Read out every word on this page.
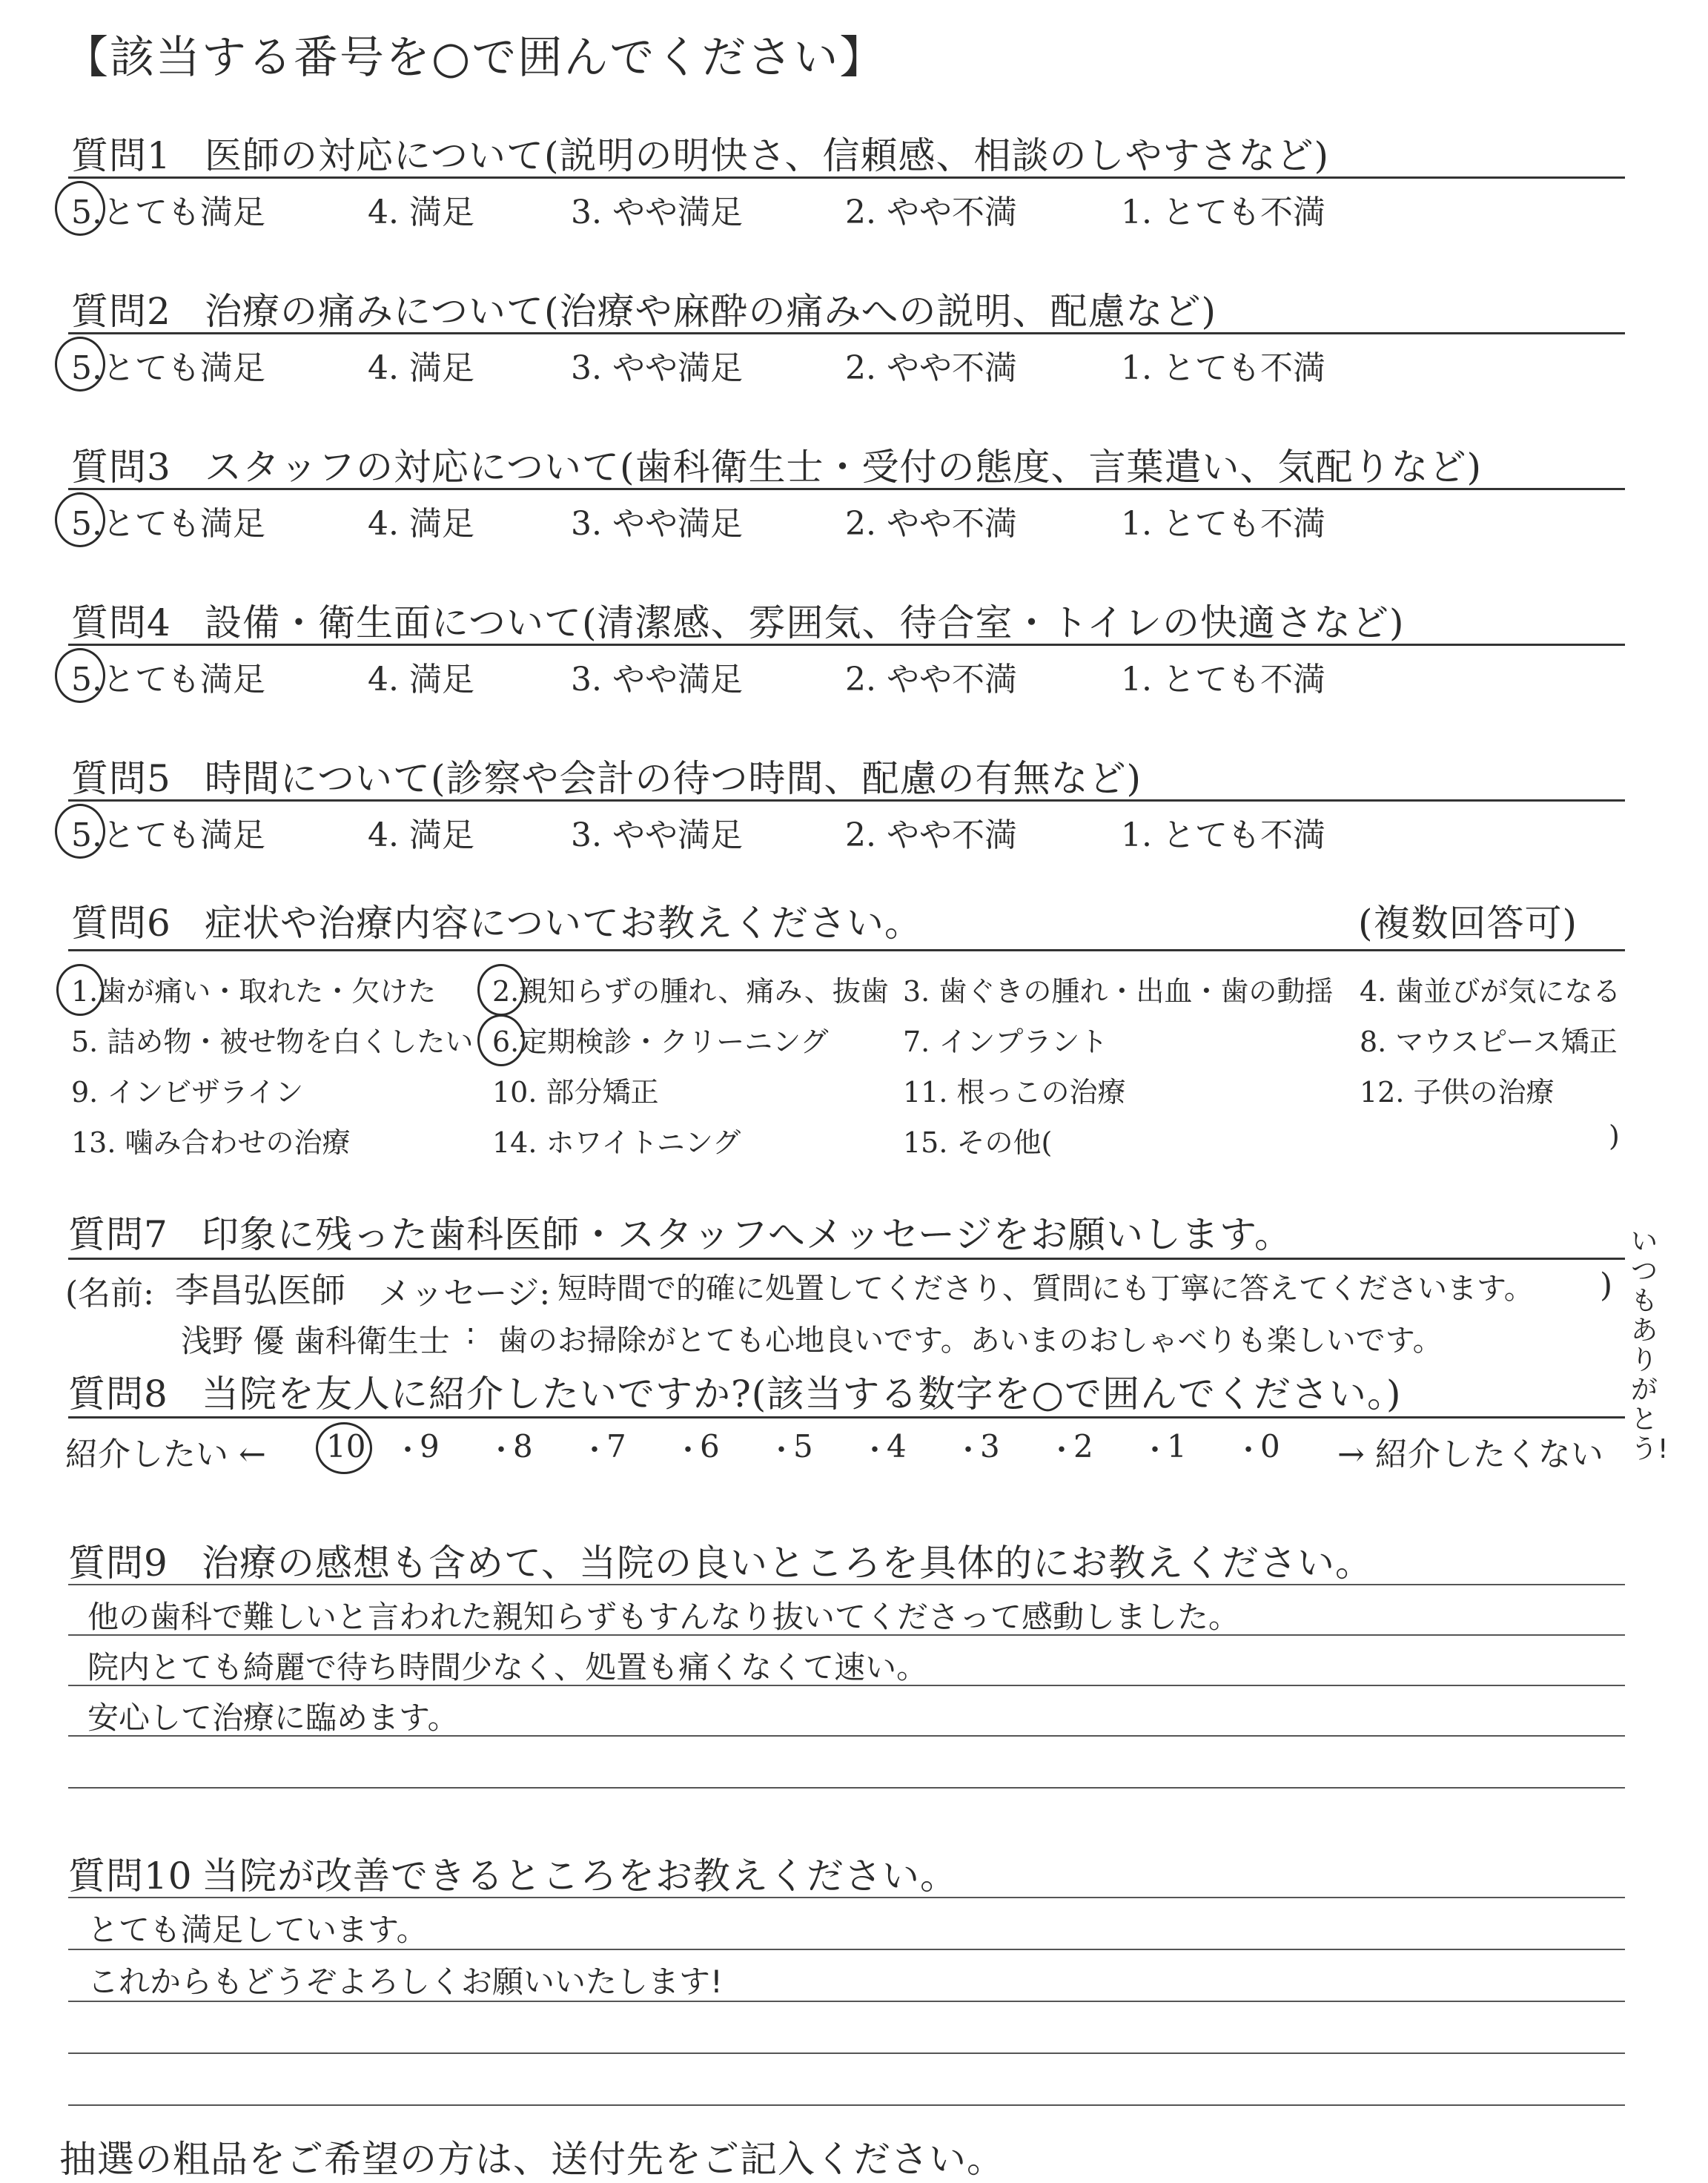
【該当する番号を○で囲んでください】
質問1 医師の対応について(説明の明快さ、信頼感、相談のしやすさなど)
5.とても満足	4. 満足	3. やや満足	2. やや不満	1. とても不満
質問2 治療の痛みについて(治療や麻酔の痛みへの説明、配慮など)
5.とても満足	4. 満足	3. やや満足	2. やや不満	1. とても不満
質問3 スタッフの対応について(歯科衛生士・受付の態度、言葉遣い、気配りなど)
5.とても満足	4. 満足	3. やや満足	2. やや不満	1. とても不満
質問4 設備・衛生面について(清潔感、雰囲気、待合室・トイレの快適さなど)
5.とても満足	4. 満足	3. やや満足	2. やや不満	1. とても不満
質問5 時間について(診察や会計の待つ時間、配慮の有無など)
5.とても満足	4. 満足	3. やや満足	2. やや不満	1. とても不満
質問6 症状や治療内容についてお教えください。	(複数回答可)
1.歯が痛い・取れた・欠けた 2.親知らずの腫れ、痛み、抜歯 3. 歯ぐきの腫れ・出血・歯の動揺 4. 歯並びが気になる
5. 詰め物・被せ物を白くしたい 6.定期検診・クリーニング	7. インプラント	8. マウスピース矯正
9. インビザライン	10. 部分矯正	11. 根っこの治療	12. 子供の治療
13. 噛み合わせの治療	14. ホワイトニング	15. その他(	)
質問7 印象に残った歯科医師・スタッフへメッセージをお願いします。
(名前: 李昌弘医師 メッセージ: 短時間で的確に処置してくださり、質問にも丁寧に答えてくださいます。 )
浅野 優 歯科衛生士 : 歯のお掃除がとても心地良いです。あいまのおしゃべりも楽しいです。
いつもありがとう!
質問8 当院を友人に紹介したいですか?(該当する数字を○で囲んでください。)
紹介したい ←	→ 紹介したくない
10 ・
9 ・
8 ・
7 ・
6 ・
5 ・
4 ・
3 ・
2 ・
1 ・
0
質問9 治療の感想も含めて、当院の良いところを具体的にお教えください。
他の歯科で難しいと言われた親知らずもすんなり抜いてくださって感動しました。
院内とても綺麗で待ち時間少なく、処置も痛くなくて速い。
安心して治療に臨めます。
質問10 当院が改善できるところをお教えください。
とても満足しています。
これからもどうぞよろしくお願いいたします!
抽選の粗品をご希望の方は、送付先をご記入ください。
